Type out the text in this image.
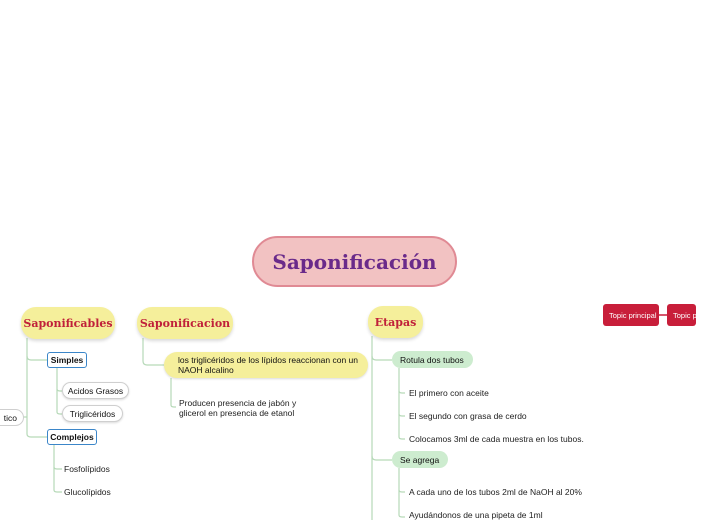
Saponificación
Saponificables
Simples
Acidos Grasos
Triglicéridos
Complejos
Fosfolípidos
Glucolípidos
tico
Saponificacion
los triglicéridos de los lípidos reaccionan con un
NAOH alcalino
Producen presencia de jabón y
glicerol en presencia de etanol
Etapas
Rotula dos tubos
El primero con aceite
El segundo con grasa de cerdo
Colocamos 3ml de cada muestra en los tubos.
Se agrega
A cada uno de los tubos 2ml de NaOH al 20%
Ayudándonos de una pipeta de 1ml
Topic principal	Topic pri
